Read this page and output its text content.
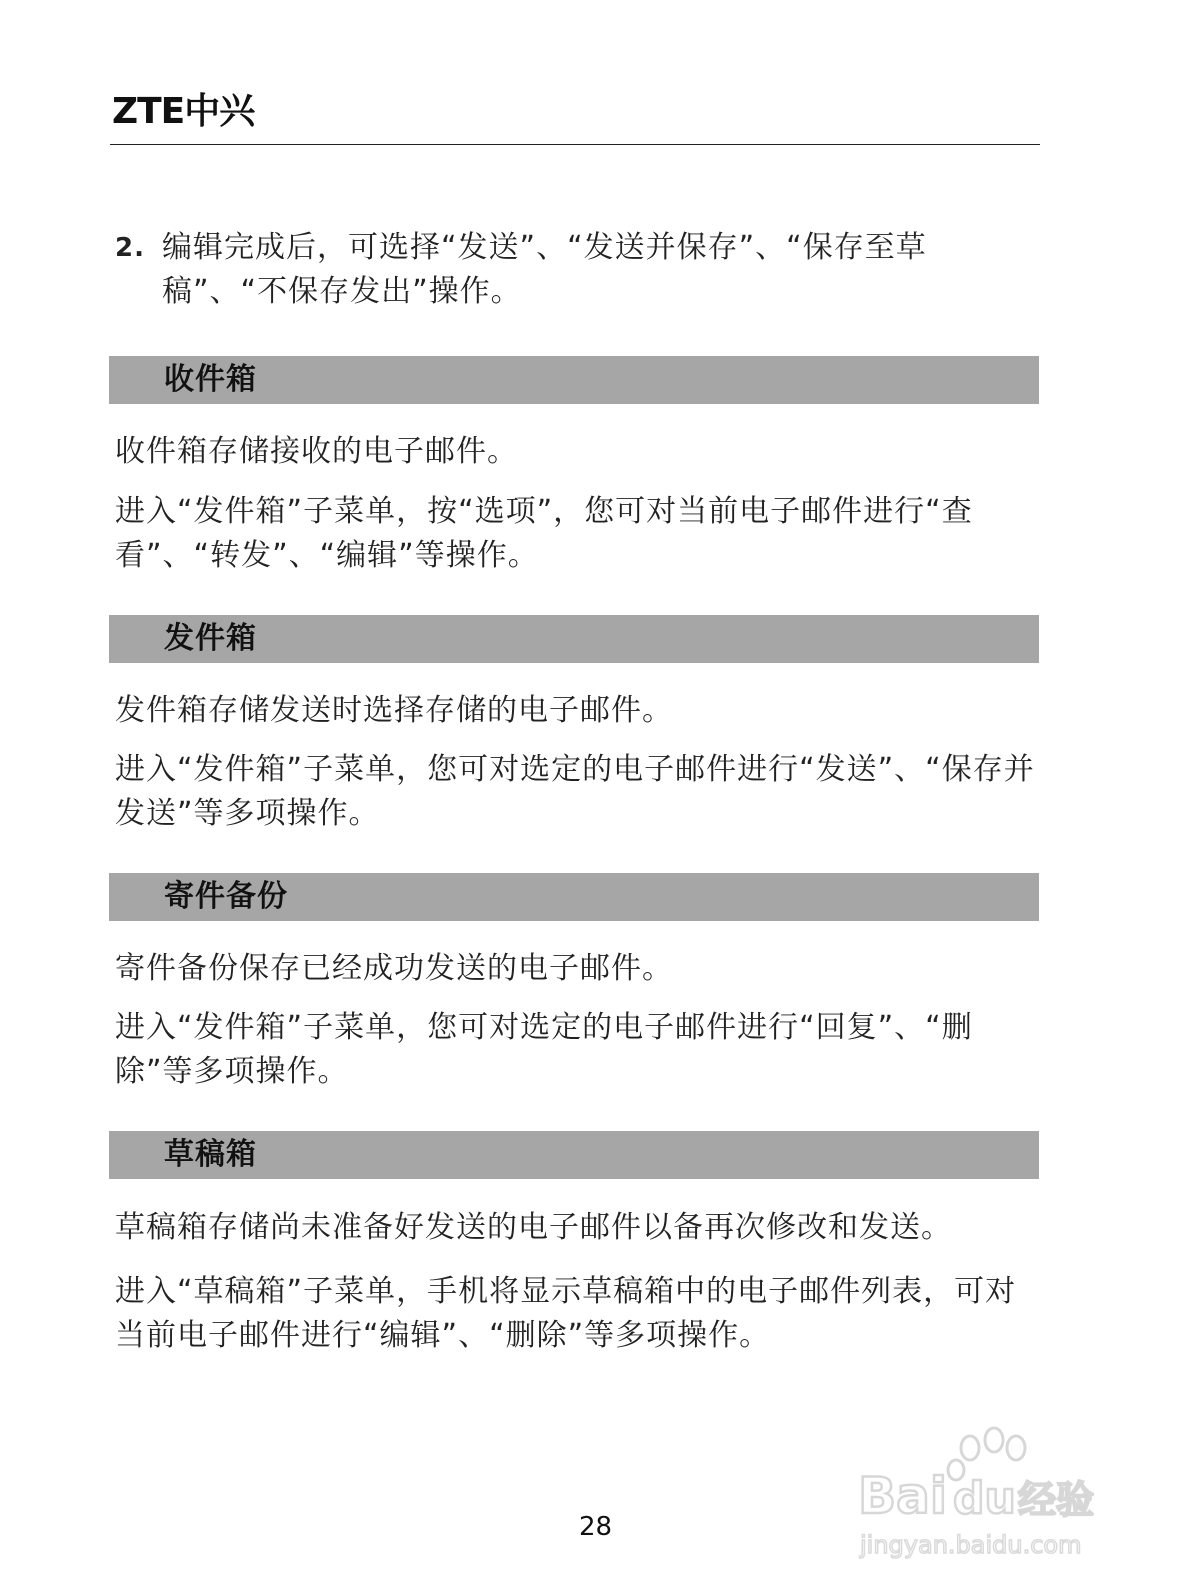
ZTE中兴
2. 编辑完成后，可选择“发送”、“发送并保存”、“保存至草稿”、“不保存发出”操作。
收件箱
收件箱存储接收的电子邮件。
进入“发件箱”子菜单，按“选项”，您可对当前电子邮件进行“查看”、“转发”、“编辑”等操作。
发件箱
发件箱存储发送时选择存储的电子邮件。
进入“发件箱”子菜单，您可对选定的电子邮件进行“发送”、“保存并发送”等多项操作。
寄件备份
寄件备份保存已经成功发送的电子邮件。
进入“发件箱”子菜单，您可对选定的电子邮件进行“回复”、“删除”等多项操作。
草稿箱
草稿箱存储尚未准备好发送的电子邮件以备再次修改和发送。
进入“草稿箱”子菜单，手机将显示草稿箱中的电子邮件列表，可对当前电子邮件进行“编辑”、“删除”等多项操作。
28
Bai du 经验
jingyan.baidu.com
